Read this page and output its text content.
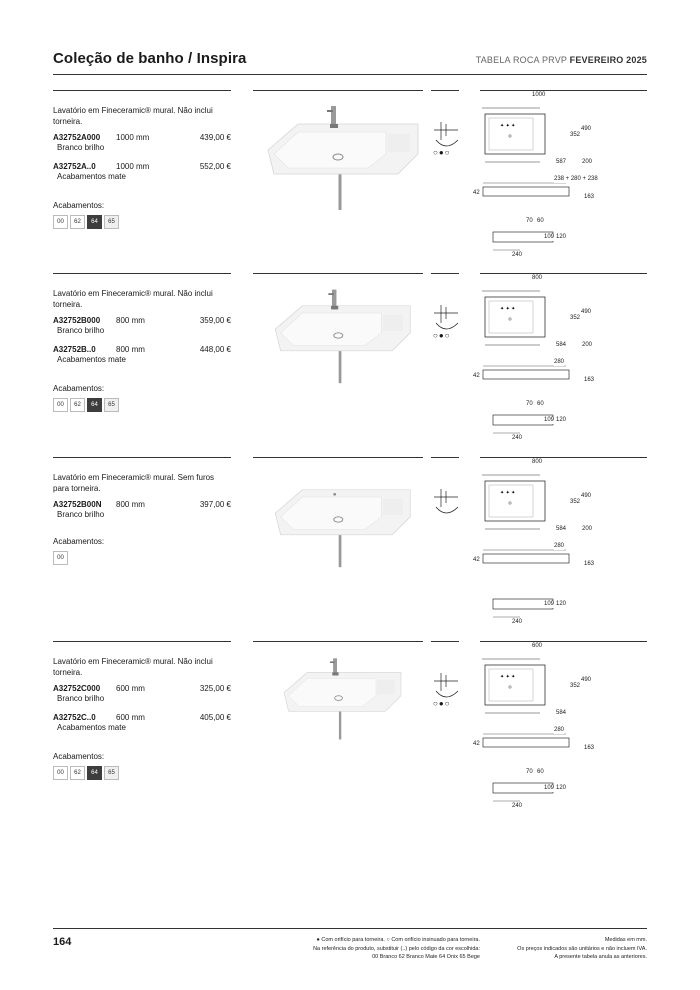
Coleção de banho / Inspira	TABELA ROCA PRVP FEVEREIRO 2025
Lavatório em Fineceramic® mural. Não inclui torneira.
A32752A000 1000 mm	439,00 €
Branco brilho
A32752A..0	1000 mm	552,00 €
Acabamentos mate
Acabamentos:
00	62	64	65
○●○
✦ ✦ ✦
1000
352
490
587	200
238 + 280 + 238
42
163
70 60
109 120
240
Lavatório em Fineceramic® mural. Não inclui torneira.
A32752B000 800 mm	359,00 €
Branco brilho
A32752B..0	800 mm	448,00 €
Acabamentos mate
Acabamentos:
00	62	64	65
○●○
✦ ✦ ✦
800
352
490
584	200
280
42
163
70 60
109 120
240
Lavatório em Fineceramic® mural. Sem furos para torneira.
A32752B00N 800 mm	397,00 €
Branco brilho
Acabamentos:
00
✦ ✦ ✦
800
352
490
584	200
280
42
163
109 120
240
Lavatório em Fineceramic® mural. Não inclui torneira.
A32752C000 600 mm	325,00 €
Branco brilho
A32752C..0	600 mm	405,00 €
Acabamentos mate
Acabamentos:
00	62	64	65
○●○
✦ ✦ ✦
600
352
490
584
280
42
163
70 60
109 120
240
164	● Com orifício para torneira. ○ Com orifício insinuado para torneira.
Na referência do produto, substituir (..) pelo código da cor escolhida:
00 Branco 62 Branco Mate 64 Onix 65 Bege
Medidas em mm.
Os preços indicados são unitários e não incluem IVA.
A presente tabela anula as anteriores.
